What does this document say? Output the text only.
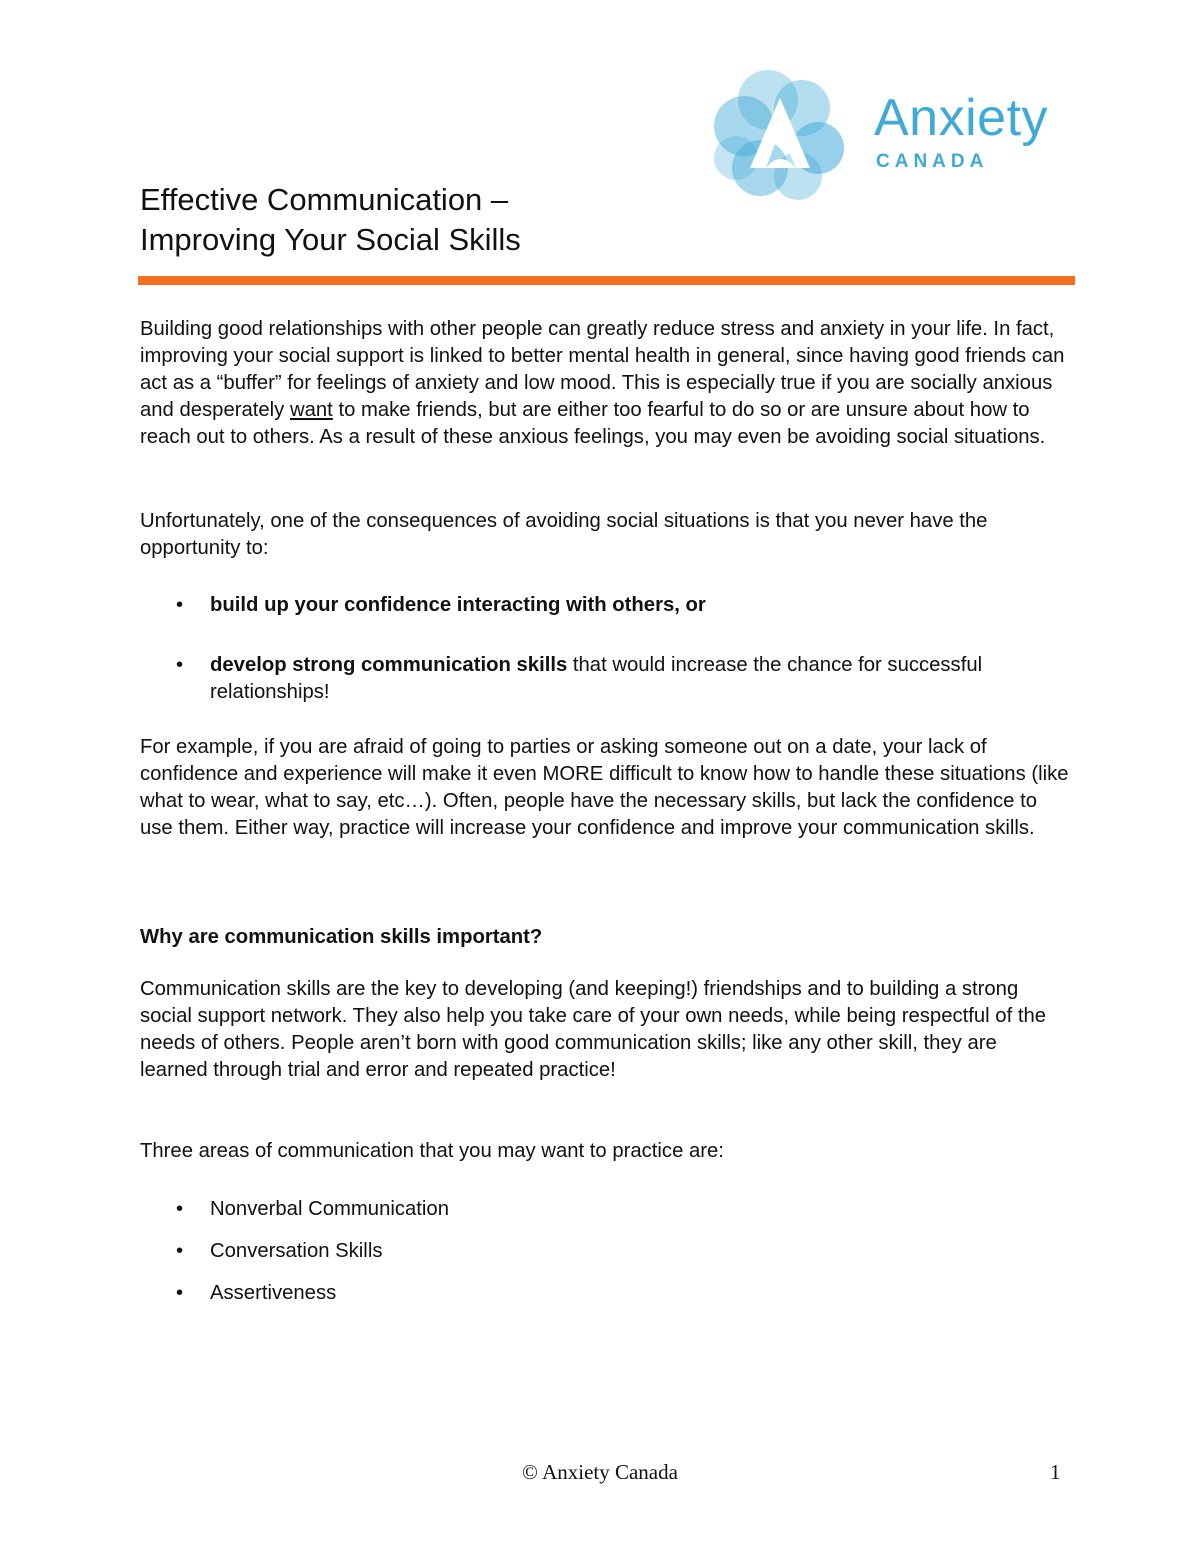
Anxiety
CANADA
Effective Communication –
Improving Your Social Skills
Building good relationships with other people can greatly reduce stress and anxiety in your life. In fact, improving your social support is linked to better mental health in general, since having good friends can act as a “buffer” for feelings of anxiety and low mood. This is especially true if you are socially anxious and desperately want to make friends, but are either too fearful to do so or are unsure about how to reach out to others. As a result of these anxious feelings, you may even be avoiding social situations.
Unfortunately, one of the consequences of avoiding social situations is that you never have the opportunity to:
• build up your confidence interacting with others, or
• develop strong communication skills that would increase the chance for successful relationships!
For example, if you are afraid of going to parties or asking someone out on a date, your lack of confidence and experience will make it even MORE difficult to know how to handle these situations (like what to wear, what to say, etc…). Often, people have the necessary skills, but lack the confidence to use them. Either way, practice will increase your confidence and improve your communication skills.
Why are communication skills important?
Communication skills are the key to developing (and keeping!) friendships and to building a strong social support network. They also help you take care of your own needs, while being respectful of the needs of others. People aren’t born with good communication skills; like any other skill, they are learned through trial and error and repeated practice!
Three areas of communication that you may want to practice are:
• Nonverbal Communication
• Conversation Skills
• Assertiveness
© Anxiety Canada	1
